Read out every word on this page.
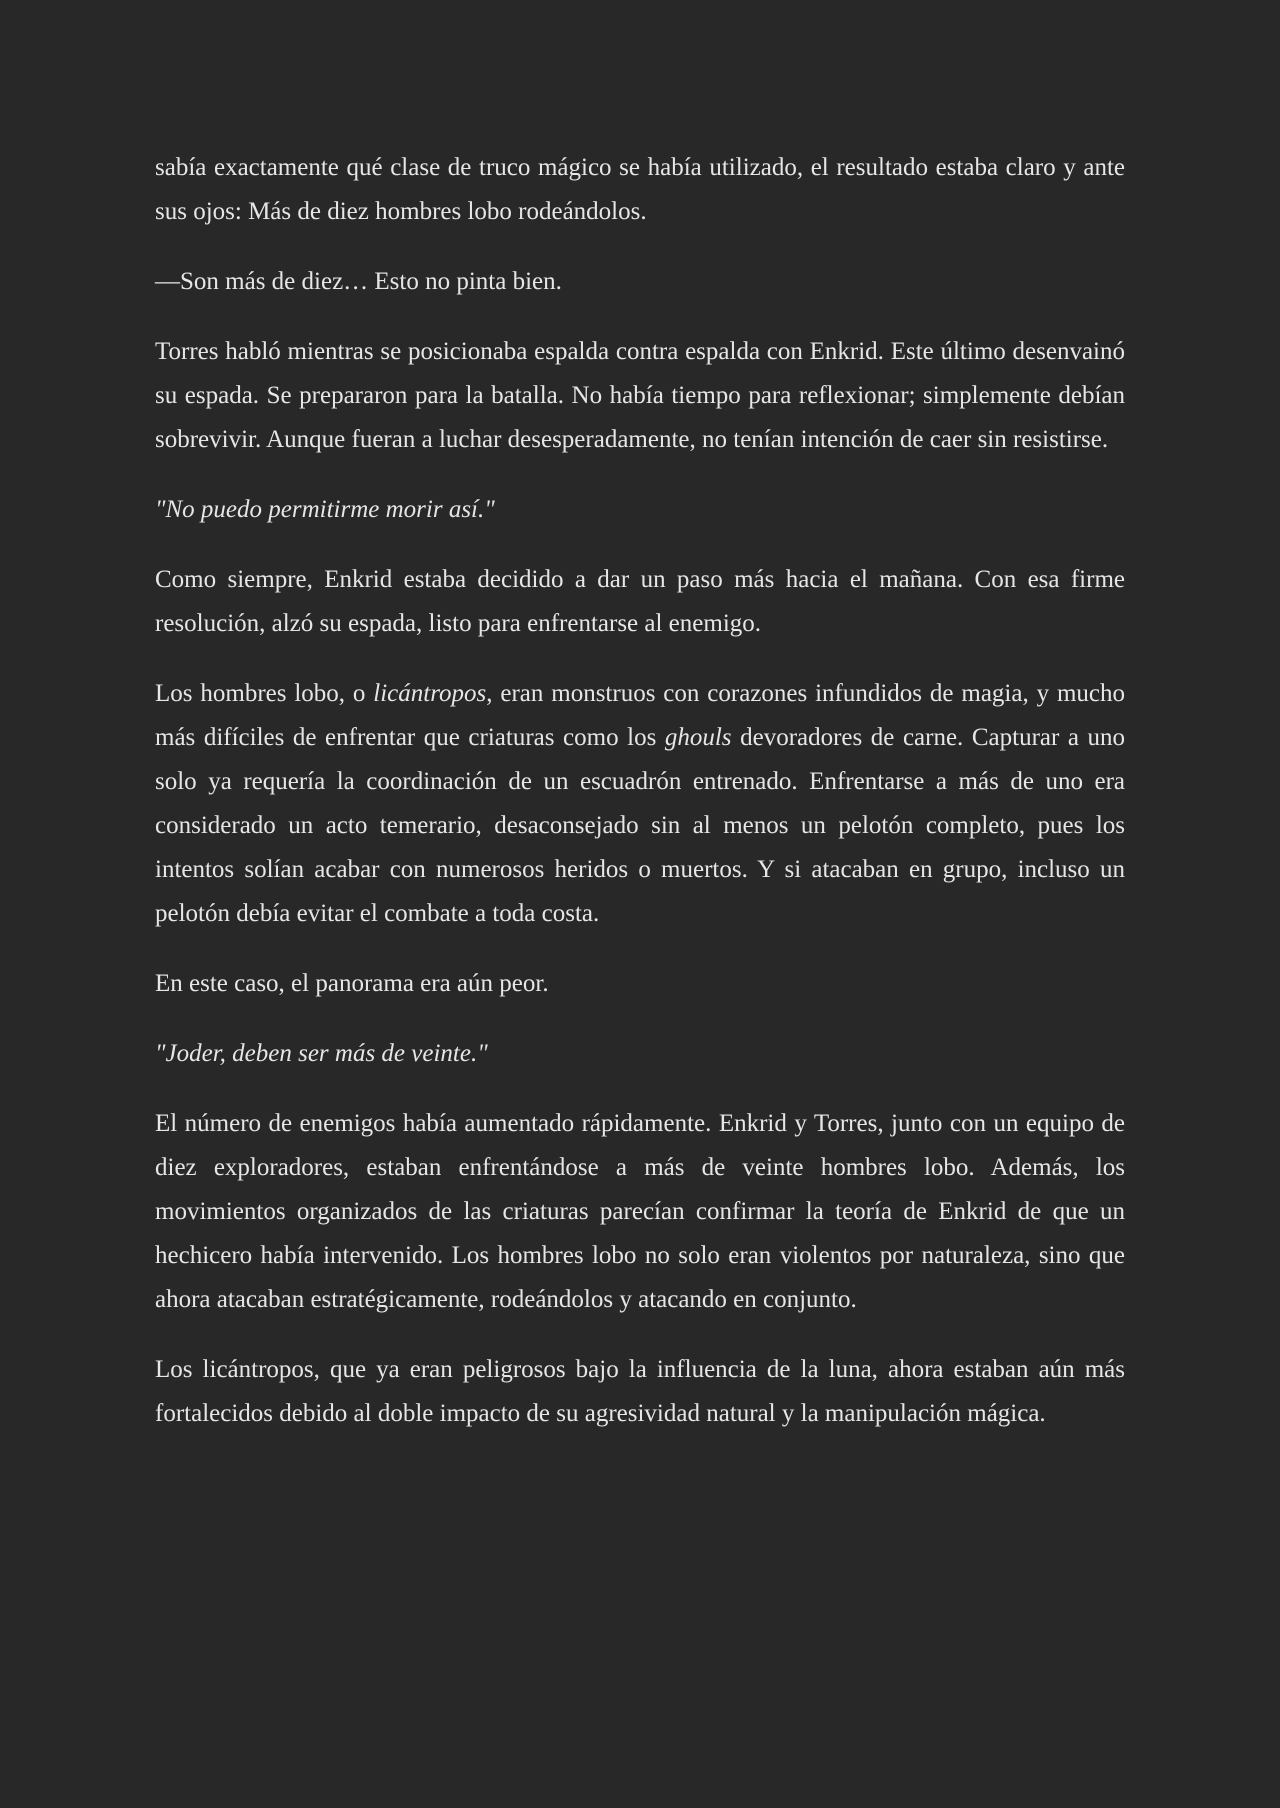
sabía exactamente qué clase de truco mágico se había utilizado, el resultado estaba claro y ante sus ojos: Más de diez hombres lobo rodeándolos.

—Son más de diez… Esto no pinta bien.

Torres habló mientras se posicionaba espalda contra espalda con Enkrid. Este último desenvainó su espada. Se prepararon para la batalla. No había tiempo para reflexionar; simplemente debían sobrevivir. Aunque fueran a luchar desesperadamente, no tenían intención de caer sin resistirse.

"No puedo permitirme morir así."

Como siempre, Enkrid estaba decidido a dar un paso más hacia el mañana. Con esa firme resolución, alzó su espada, listo para enfrentarse al enemigo.

Los hombres lobo, o licántropos, eran monstruos con corazones infundidos de magia, y mucho más difíciles de enfrentar que criaturas como los ghouls devoradores de carne. Capturar a uno solo ya requería la coordinación de un escuadrón entrenado. Enfrentarse a más de uno era considerado un acto temerario, desaconsejado sin al menos un pelotón completo, pues los intentos solían acabar con numerosos heridos o muertos. Y si atacaban en grupo, incluso un pelotón debía evitar el combate a toda costa.

En este caso, el panorama era aún peor.

"Joder, deben ser más de veinte."

El número de enemigos había aumentado rápidamente. Enkrid y Torres, junto con un equipo de diez exploradores, estaban enfrentándose a más de veinte hombres lobo. Además, los movimientos organizados de las criaturas parecían confirmar la teoría de Enkrid de que un hechicero había intervenido. Los hombres lobo no solo eran violentos por naturaleza, sino que ahora atacaban estratégicamente, rodeándolos y atacando en conjunto.

Los licántropos, que ya eran peligrosos bajo la influencia de la luna, ahora estaban aún más fortalecidos debido al doble impacto de su agresividad natural y la manipulación mágica.
